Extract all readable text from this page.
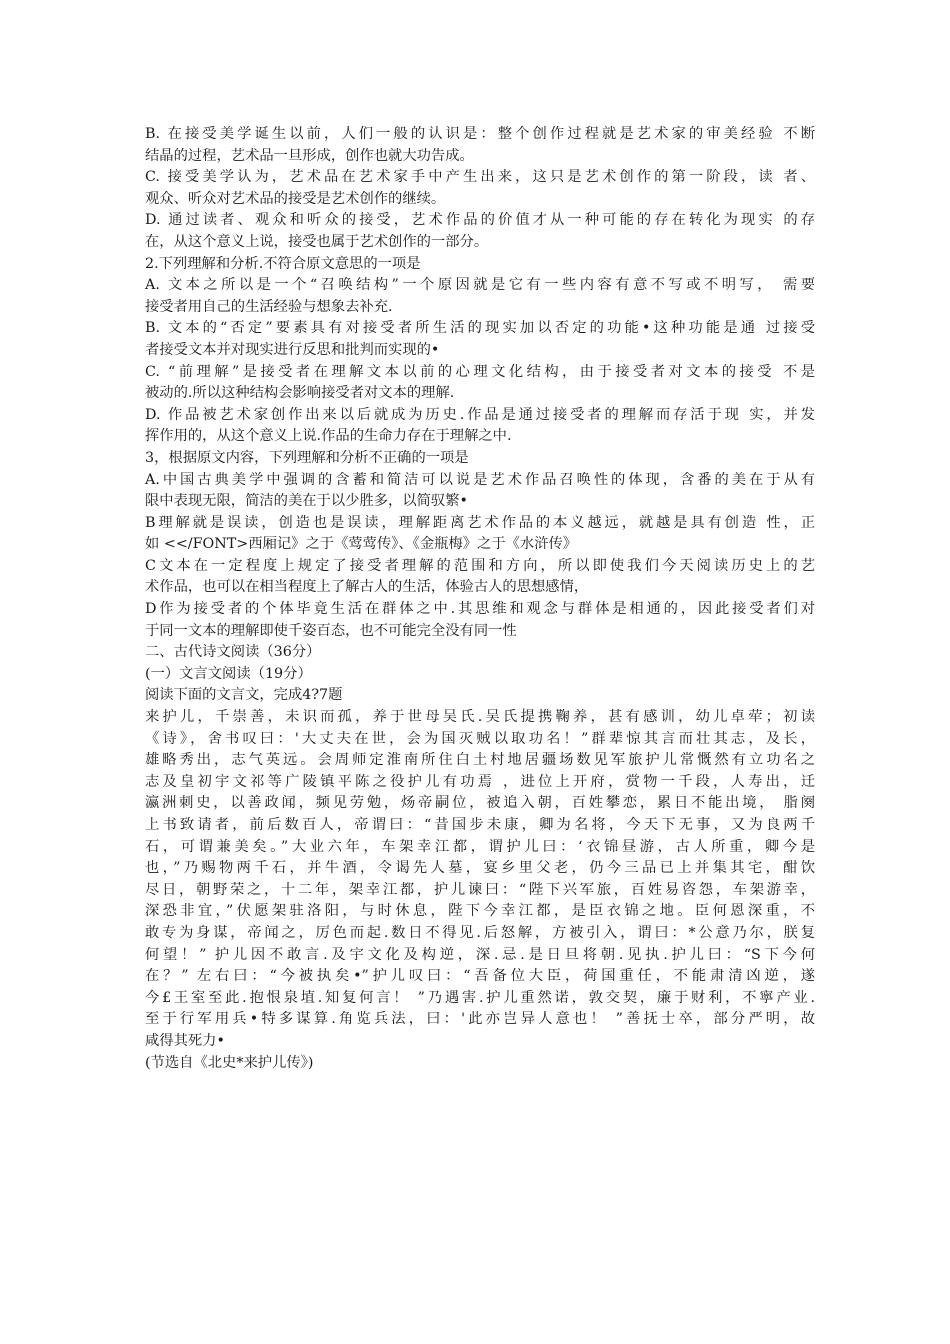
B. 在接受美学诞生以前，人们一般的认识是：整个创作过程就是艺术家的审美经验 不断
结晶的过程，艺术品一旦形成，创作也就大功告成。
C. 接受美学认为，艺术品在艺术家手中产生出来，这只是艺术创作的第一阶段，读 者、
观众、听众对艺术品的接受是艺术创作的继续。
D. 通过读者、观众和听众的接受，艺术作品的价值才从一种可能的存在转化为现实 的存
在，从这个意义上说，接受也属于艺术创作的一部分。
2.下列理解和分析.不符合原文意思的一项是
A. 文本之所以是一个“召唤结构”一个原因就是它有一些内容有意不写或不明写， 需要
接受者用自己的生活经验与想象去补充.
B. 文本的“否定”要素具有对接受者所生活的现实加以否定的功能•这种功能是通 过接受
者接受文本并对现实进行反思和批判而实现的•
C. “前理解”是接受者在理解文本以前的心理文化结构，由于接受者对文本的接受 不是
被动的.所以这种结构会影响接受者对文本的理解.
D. 作品被艺术家创作出来以后就成为历史.作品是通过接受者的理解而存活于现 实，并发
挥作用的，从这个意义上说.作品的生命力存在于理解之中.
3，根据原文内容，下列理解和分析不正确的一项是
A.中国古典美学中强调的含蓄和简洁可以说是艺术作品召唤性的体现，含番的美在于从有
限中表现无限，简洁的美在于以少胜多，以简驭繁•
B理解就是误读，创造也是误读，理解距离艺术作品的本义越远，就越是具有创造 性，正
如 <</FONT>西厢记》之于《莺莺传》、《金瓶梅》之于《水浒传》
C文本在一定程度上规定了接受者理解的范围和方向，所以即使我们今天阅读历史上的艺
术作品，也可以在相当程度上了解古人的生活，体验古人的思想感情，
D作为接受者的个体毕竟生活在群体之中.其思维和观念与群体是相通的，因此接受者们对
于同一文本的理解即使千姿百态，也不可能完全没有同一性
二、古代诗文阅读（36分）
(一）文言文阅读（19分）
阅读下面的文言文，完成4?7题
来护儿，千崇善，未识而孤，养于世母吴氏.吴氏提携鞠养，甚有感训，幼儿卓荦；初读
《诗》，舍书叹曰：'大丈夫在世，会为国灭贼以取功名！”群辈惊其言而壮其志，及长，
雄略秀出，志气英远。会周师定淮南所住白土村地居疆场数见军旅护儿常慨然有立功名之
志及皇初宇文祁等广陵镇平陈之役护儿有功焉 ，进位上开府，赏物一千段，人寿出，迁
瀛洲刺史，以善政闻，频见劳勉，炀帝嗣位，被追入朝，百姓攀恋，累日不能出境， 脂阕
上书致请者，前后数百人，帝谓曰：“昔国步未康，卿为名将，今天下无事，又为良两千
石，可谓兼美矣。”大业六年，车架幸江都，谓护儿曰：‘衣锦昼游，古人所重，卿今是
也，”乃赐物两千石，并牛酒，令谒先人墓，宴乡里父老，仍今三品已上并集其宅，酣饮
尽日，朝野荣之，十二年，架幸江都，护儿谏曰：“陛下兴军旅，百姓易咨怨，车架游幸，
深恐非宜，”伏愿架驻洛阳，与时休息，陛下今幸江都，是臣衣锦之地。臣何恩深重，不
敢专为身谋，帝闻之，厉色而起.数日不得见.后怒解，方被引入，谓曰：*公意乃尔，朕复
何望！” 护儿因不敢言.及宇文化及构逆，深.忌.是日旦将朝.见执.护儿曰：“S下今何
在？” 左右曰：“今被执矣•”护儿叹曰：“吾备位大臣，荷国重任，不能肃清凶逆，遂
今£王室至此.抱恨泉埴.知复何言！ ”乃遇害.护儿重然诺，敦交契，廉于财利，不寧产业.
至于行军用兵•特多谋算.角览兵法，曰：'此亦岂异人意也！ ”善抚士卒，部分严明，故
咸得其死力•
(节选自《北史*来护儿传》)
